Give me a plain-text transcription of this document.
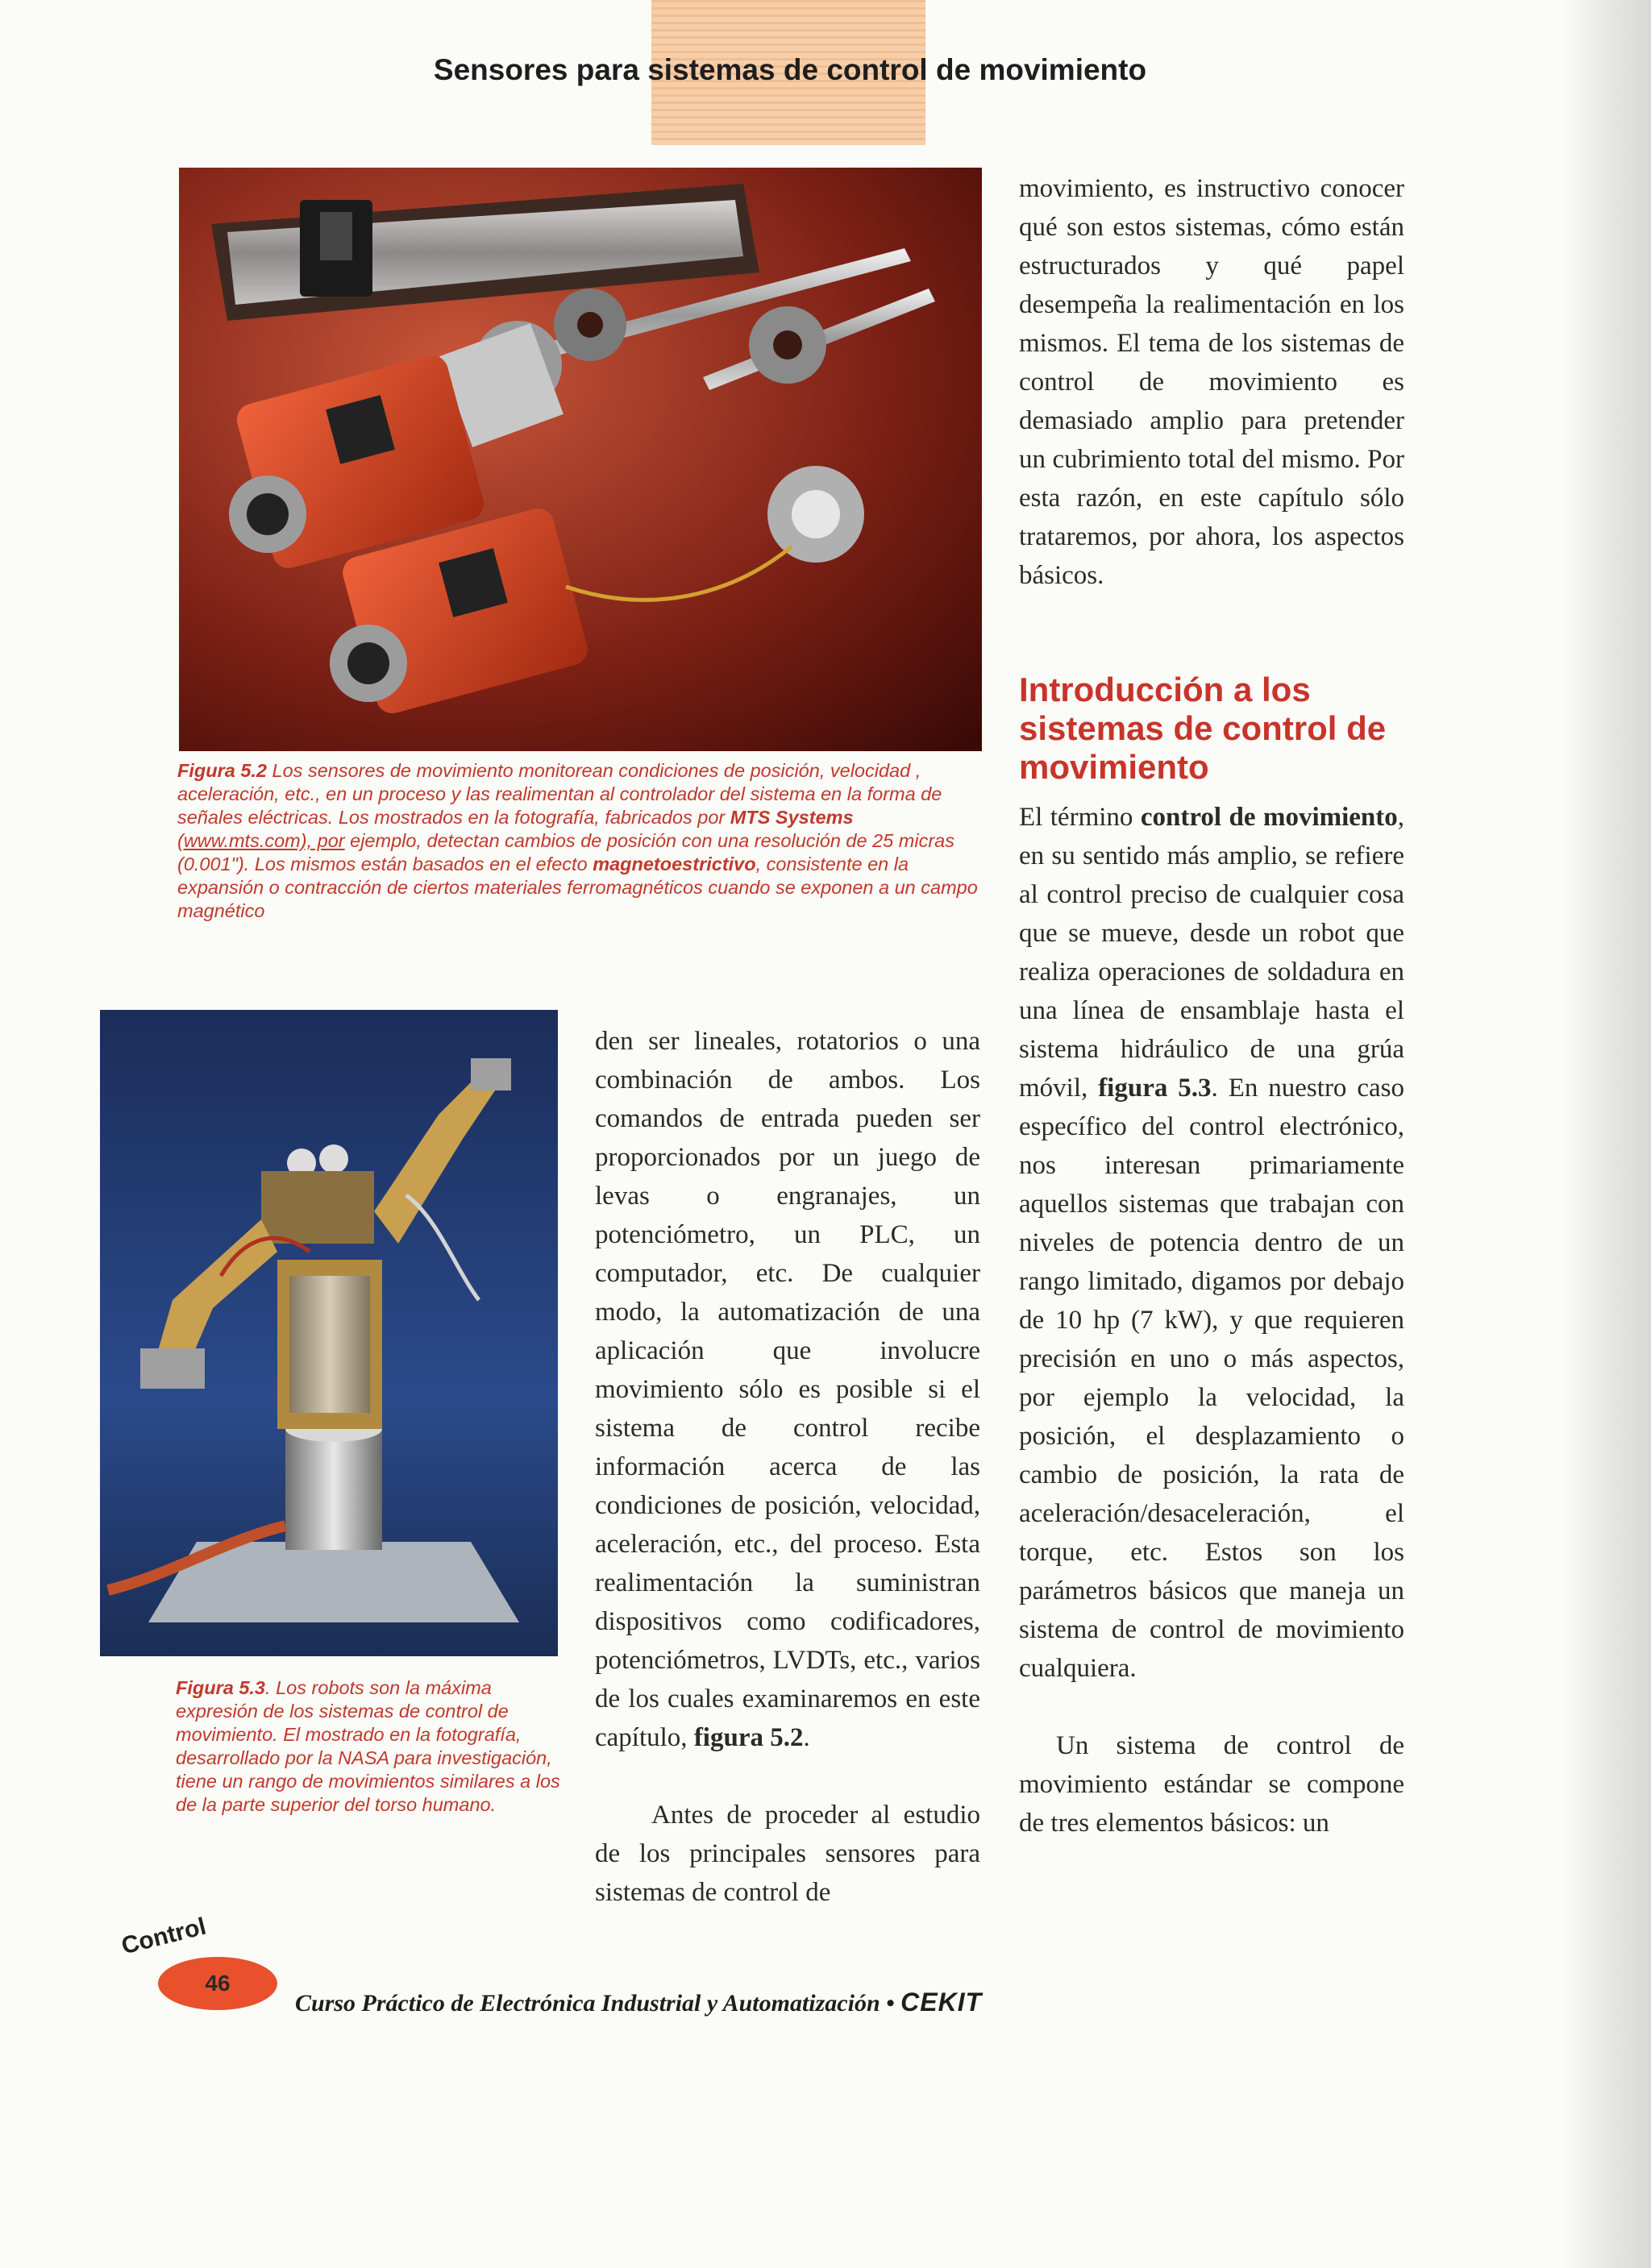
Sensores para sistemas de control de movimiento
Figura 5.2 Los sensores de movimiento monitorean condiciones de posición, velocidad , aceleración, etc., en un proceso y las realimentan al controlador del sistema en la forma de señales eléctricas. Los mostrados en la fotografía, fabricados por MTS Systems (www.mts.com), por ejemplo, detectan cambios de posición con una resolución de 25 micras (0.001"). Los mismos están basados en el efecto magnetoestrictivo, consistente en la expansión o contracción de ciertos materiales ferromagnéticos cuando se exponen a un campo magnético

movimiento, es instructivo conocer qué son estos sistemas, cómo están estructurados y qué papel desempeña la realimentación en los mismos. El tema de los sistemas de control de movimiento es demasiado amplio para pretender un cubrimiento total del mismo. Por esta razón, en este capítulo sólo trataremos, por ahora, los aspectos básicos.

Introducción a los sistemas de control de movimiento

El término control de movimiento, en su sentido más amplio, se refiere al control preciso de cualquier cosa que se mueve, desde un robot que realiza operaciones de soldadura en una línea de ensamblaje hasta el sistema hidráulico de una grúa móvil, figura 5.3. En nuestro caso específico del control electrónico, nos interesan primariamente aquellos sistemas que trabajan con niveles de potencia dentro de un rango limitado, digamos por debajo de 10 hp (7 kW), y que requieren precisión en uno o más aspectos, por ejemplo la velocidad, la posición, el desplazamiento o cambio de posición, la rata de aceleración/desaceleración, el torque, etc. Estos son los parámetros básicos que maneja un sistema de control de movimiento cualquiera.

Un sistema de control de movimiento estándar se compone de tres elementos básicos: un

Figura 5.3. Los robots son la máxima expresión de los sistemas de control de movimiento. El mostrado en la fotografía, desarrollado por la NASA para investigación, tiene un rango de movimientos similares a los de la parte superior del torso humano.

den ser lineales, rotatorios o una combinación de ambos. Los comandos de entrada pueden ser proporcionados por un juego de levas o engranajes, un potenciómetro, un PLC, un computador, etc. De cualquier modo, la automatización de una aplicación que involucre movimiento sólo es posible si el sistema de control recibe información acerca de las condiciones de posición, velocidad, aceleración, etc., del proceso. Esta realimentación la suministran dispositivos como codificadores, potenciómetros, LVDTs, etc., varios de los cuales examinaremos en este capítulo, figura 5.2.

Antes de proceder al estudio de los principales sensores para sistemas de control de

Control
46
Curso Práctico de Electrónica Industrial y Automatización • CEKIT
